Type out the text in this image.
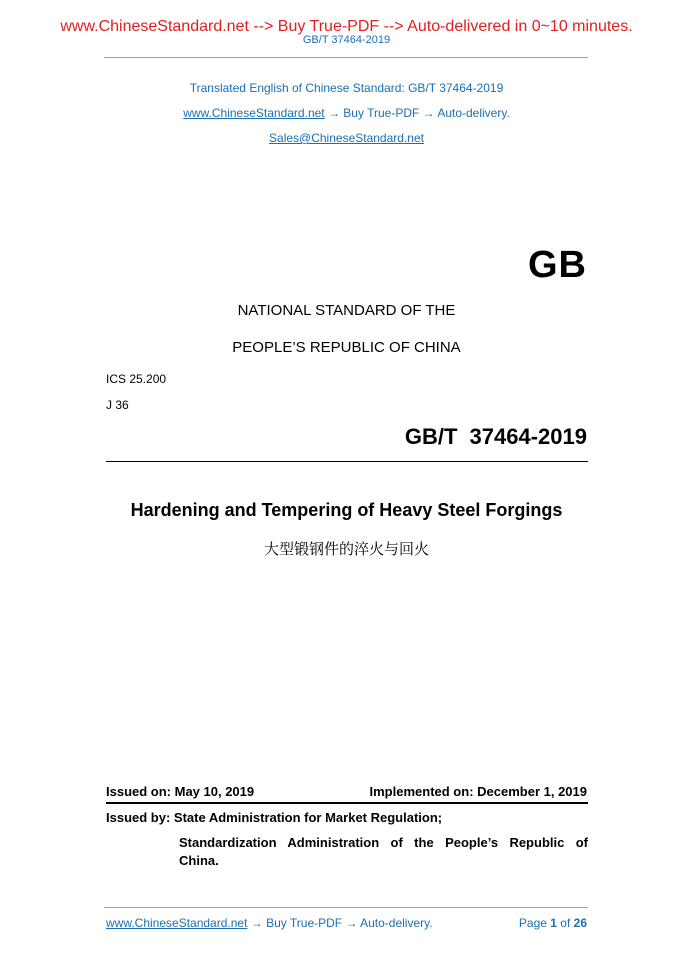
www.ChineseStandard.net --> Buy True-PDF --> Auto-delivered in 0~10 minutes.
GB/T 37464-2019
Translated English of Chinese Standard: GB/T 37464-2019
www.ChineseStandard.net → Buy True-PDF → Auto-delivery.
Sales@ChineseStandard.net
GB
NATIONAL STANDARD OF THE
PEOPLE’S REPUBLIC OF CHINA
ICS 25.200
J 36
GB/T 37464-2019
Hardening and Tempering of Heavy Steel Forgings
大型锻钢件的淬火与回火
Issued on: May 10, 2019	Implemented on: December 1, 2019
Issued by: State Administration for Market Regulation;
Standardization Administration of the People’s Republic of
China.
www.ChineseStandard.net → Buy True-PDF → Auto-delivery.	Page 1 of 26
